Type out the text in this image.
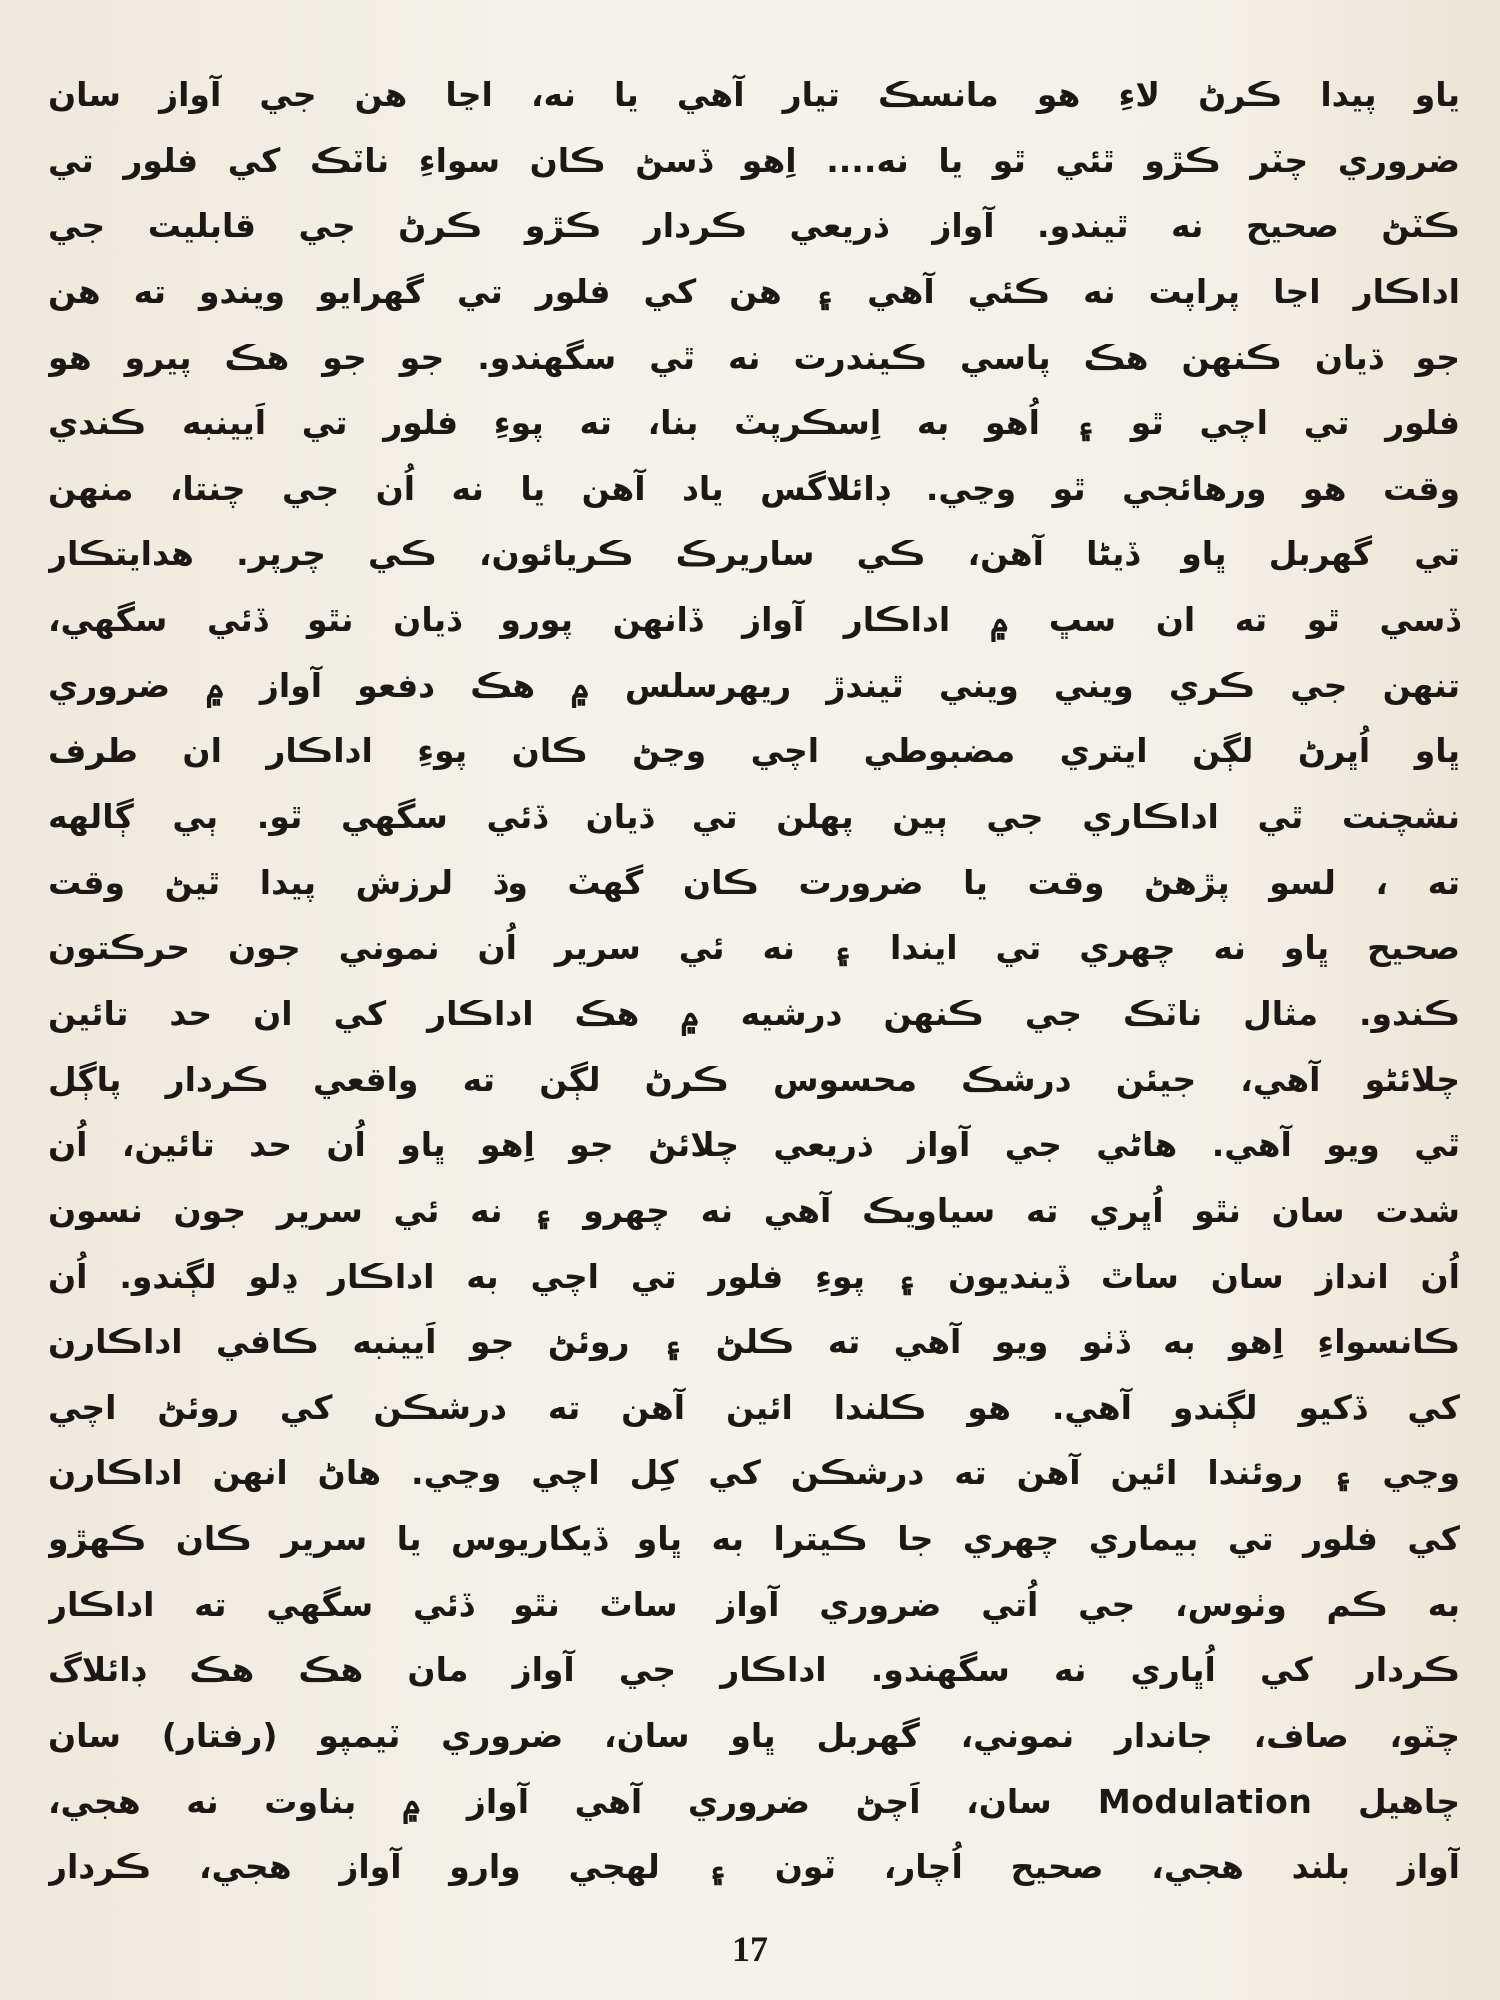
ياو پيدا ڪرڻ لاءِ هو مانسڪ تيار آهي يا نه، اڃا هن جي آواز سان
ضروري چٽر ڪڙو ٿئي ٿو يا نه.... اِهو ڏسڻ ڪان سواءِ ناٽڪ کي فلور تي
ڪٽڻ صحيح نه ٿيندو. آواز ذريعي ڪردار ڪڙو ڪرڻ جي قابليت جي
اداڪار اڃا پراپت نه ڪئي آهي ۽ هن کي فلور تي گهرايو ويندو ته هن
جو ڌيان ڪنهن هڪ پاسي ڪيندرت نه ٿي سگهندو. جو جو هڪ پيرو هو
فلور تي اچي ٿو ۽ اُهو به اِسڪرپٽ بنا، ته پوءِ فلور تي اَيينبه ڪندي
وقت هو ورهائجي ٿو وڃي. ڊائلاگس ياد آهن يا نه اُن جي چنتا، منهن
تي گهربل ڀاو ڏيڻا آهن، ڪي ساريرڪ ڪريائون، ڪي چرپر. هدايتڪار
ڏسي ٿو ته ان سڀ ۾ اداڪار آواز ڏانهن پورو ڌيان نٿو ڏئي سگهي،
تنهن جي ڪري ويني ويني ٿيندڙ ريهرسلس ۾ هڪ دفعو آواز ۾ ضروري
ڀاو اُڀرڻ لڳن ايتري مضبوطي اچي وڃڻ ڪان پوءِ اداڪار ان طرف
نشچنت ٿي اداڪاري جي ٻين پهلن تي ڌيان ڏئي سگهي ٿو. ٻي ڳالهه
ته ، لسو پڙهڻ وقت يا ضرورت ڪان گهٽ وڌ لرزش پيدا ٿيڻ وقت
صحيح ڀاو نه چهري تي ايندا ۽ نه ئي سرير اُن نموني جون حرڪتون
ڪندو. مثال ناٽڪ جي ڪنهن درشيه ۾ هڪ اداڪار کي ان حد تائين
چلائڻو آهي، جيئن درشڪ محسوس ڪرڻ لڳن ته واقعي ڪردار پاڳل
ٿي ويو آهي. هاڻي جي آواز ذريعي چلائڻ جو اِهو ڀاو اُن حد تائين، اُن
شدت سان نٿو اُڀري ته سياويڪ آهي نه چهرو ۽ نه ئي سرير جون نسون
اُن انداز سان ساٿ ڏينديون ۽ پوءِ فلور تي اچي به اداڪار ڍلو لڳندو. اُن
ڪانسواءِ اِهو به ڏٺو ويو آهي ته ڪلڻ ۽ روئڻ جو اَيينبه ڪافي اداڪارن
کي ڏکيو لڳندو آهي. هو ڪلندا ائين آهن ته درشڪن کي روئڻ اچي
وڃي ۽ روئندا ائين آهن ته درشڪن کي کِل اچي وڃي. هاڻ انهن اداڪارن
کي فلور تي بيماري چهري جا ڪيترا به ڀاو ڏيکاريوس يا سرير ڪان ڪهڙو
به ڪم وٺوس، جي اُتي ضروري آواز ساٿ نٿو ڏئي سگهي ته اداڪار
ڪردار کي اُڀاري نه سگهندو. اداڪار جي آواز مان هڪ هڪ ڊائلاگ
چٽو، صاف، جاندار نموني، گهربل ڀاو سان، ضروري ٽيمپو (رفتار) سان
چاهيل Modulation سان، اَچڻ ضروري آهي آواز ۾ بناوت نه هجي،
آواز بلند هجي، صحيح اُچار، ٽون ۽ لهجي وارو آواز هجي، ڪردار
17
